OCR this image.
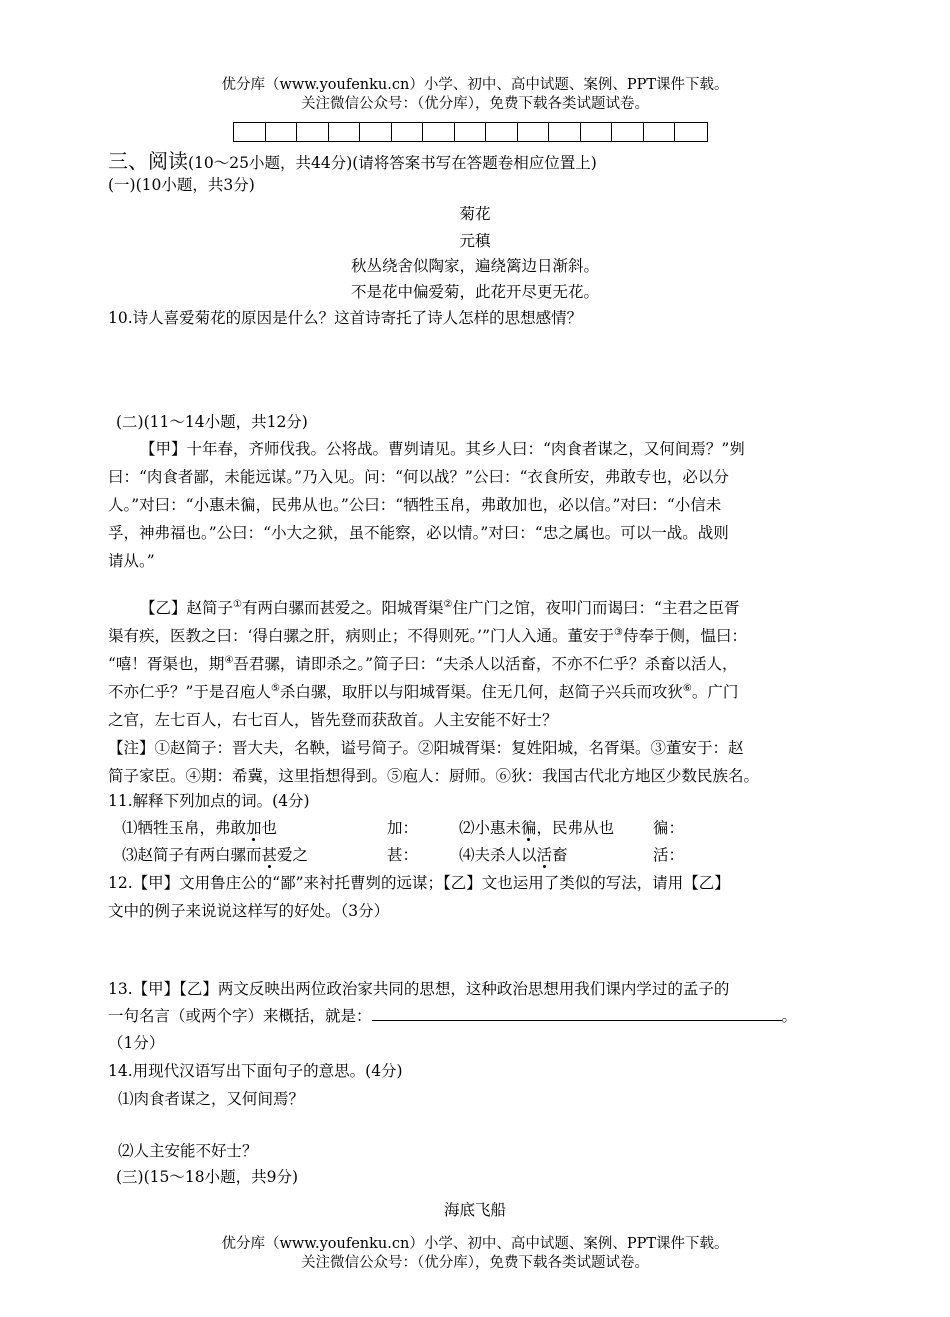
优分库（www.youfenku.cn）小学、初中、高中试题、案例、PPT课件下载。
关注微信公众号：（优分库），免费下载各类试题试卷。
三、阅读(10～25小题，共44分)(请将答案书写在答题卷相应位置上)
(一)(10小题，共3分)
菊花
元稹
秋丛绕舍似陶家，遍绕篱边日渐斜。
不是花中偏爱菊，此花开尽更无花。
10.诗人喜爱菊花的原因是什么？这首诗寄托了诗人怎样的思想感情？
(二)(11～14小题，共12分)
【甲】十年春，齐师伐我。公将战。曹刿请见。其乡人曰：“肉食者谋之，又何间焉？”刿
曰：“肉食者鄙，未能远谋。”乃入见。问：“何以战？”公曰：“衣食所安，弗敢专也，必以分
人。”对曰：“小惠未徧，民弗从也。”公曰：“牺牲玉帛，弗敢加也，必以信。”对曰：“小信未
孚，神弗福也。”公曰：“小大之狱，虽不能察，必以情。”对曰：“忠之属也。可以一战。战则
请从。”
【乙】赵简子①有两白骡而甚爱之。阳城胥渠②住广门之馆，夜叩门而谒曰：“主君之臣胥
渠有疾，医教之曰：‘得白骡之肝，病则止；不得则死。’”门人入通。董安于③侍奉于侧，愠曰：
“嘻！胥渠也，期④吾君骡，请即杀之。”简子曰：“夫杀人以活畜，不亦不仁乎？杀畜以活人，
不亦仁乎？”于是召庖人⑤杀白骡，取肝以与阳城胥渠。住无几何，赵简子兴兵而攻狄⑥。广门
之官，左七百人，右七百人，皆先登而获敌首。人主安能不好士？
【注】①赵简子：晋大夫，名鞅，谥号简子。②阳城胥渠：复姓阳城，名胥渠。③董安于：赵
简子家臣。④期：希冀，这里指想得到。⑤庖人：厨师。⑥狄：我国古代北方地区少数民族名。
11.解释下列加点的词。(4分)
⑴牺牲玉帛，弗敢加也	加：	⑵小惠未徧，民弗从也	徧：
⑶赵简子有两白骡而甚爱之	甚：	⑷夫杀人以活畜	活：
12.【甲】文用鲁庄公的“鄙”来衬托曹刿的远谋；【乙】文也运用了类似的写法，请用【乙】
文中的例子来说说这样写的好处。（3分）
13.【甲】【乙】两文反映出两位政治家共同的思想，这种政治思想用我们课内学过的孟子的
一句名言（或两个字）来概括，就是：	。
（1分）
14.用现代汉语写出下面句子的意思。(4分)
⑴肉食者谋之，又何间焉？
⑵人主安能不好士？
(三)(15～18小题，共9分)
海底飞船
优分库（www.youfenku.cn）小学、初中、高中试题、案例、PPT课件下载。
关注微信公众号：（优分库），免费下载各类试题试卷。
